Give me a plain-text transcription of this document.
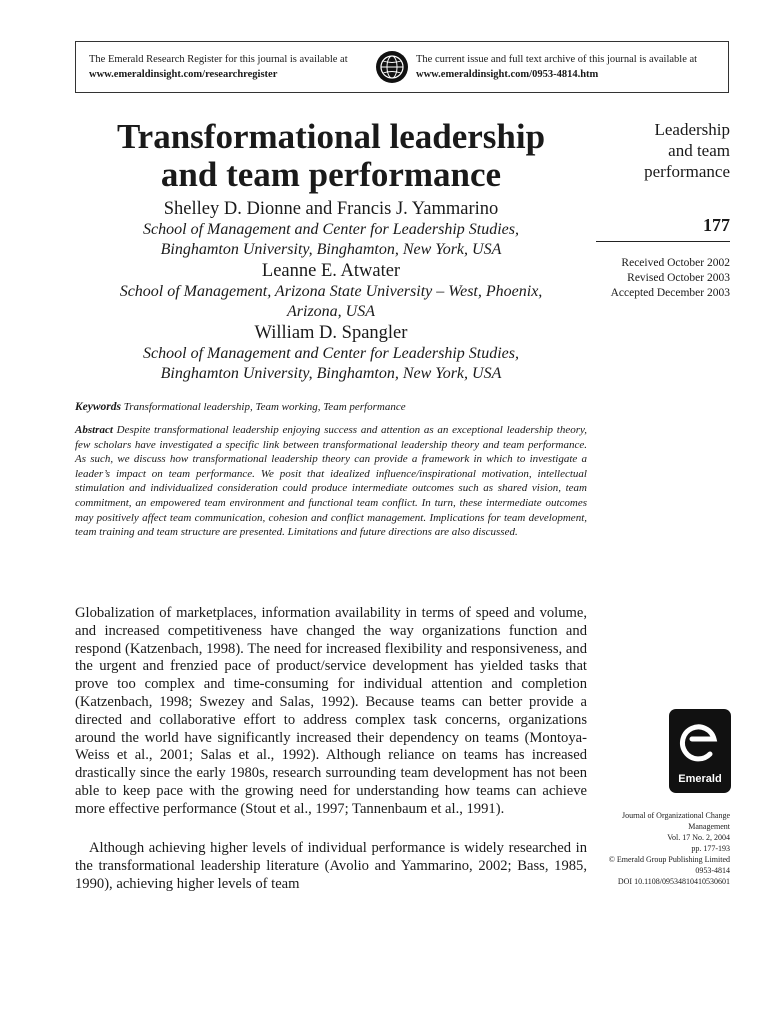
The Emerald Research Register for this journal is available at
www.emeraldinsight.com/researchregister
The current issue and full text archive of this journal is available at
www.emeraldinsight.com/0953-4814.htm
Transformational leadership
and team performance
Shelley D. Dionne and Francis J. Yammarino
School of Management and Center for Leadership Studies,
Binghamton University, Binghamton, New York, USA
Leanne E. Atwater
School of Management, Arizona State University – West, Phoenix,
Arizona, USA
William D. Spangler
School of Management and Center for Leadership Studies,
Binghamton University, Binghamton, New York, USA
Leadership
and team
performance
177
Received October 2002
Revised October 2003
Accepted December 2003
Keywords Transformational leadership, Team working, Team performance
Abstract Despite transformational leadership enjoying success and attention as an exceptional leadership theory, few scholars have investigated a specific link between transformational leadership theory and team performance. As such, we discuss how transformational leadership theory can provide a framework in which to investigate a leader’s impact on team performance. We posit that idealized influence/inspirational motivation, intellectual stimulation and individualized consideration could produce intermediate outcomes such as shared vision, team commitment, an empowered team environment and functional team conflict. In turn, these intermediate outcomes may positively affect team communication, cohesion and conflict management. Implications for team development, team training and team structure are presented. Limitations and future directions are also discussed.

Globalization of marketplaces, information availability in terms of speed and volume, and increased competitiveness have changed the way organizations function and respond (Katzenbach, 1998). The need for increased flexibility and responsiveness, and the urgent and frenzied pace of product/service development has yielded tasks that prove too complex and time-consuming for individual attention and completion (Katzenbach, 1998; Swezey and Salas, 1992). Because teams can better provide a directed and collaborative effort to address complex task concerns, organizations around the world have significantly increased their dependency on teams (Montoya-Weiss et al., 2001; Salas et al., 1992). Although reliance on teams has increased drastically since the early 1980s, research surrounding team development has not been able to keep pace with the growing need for understanding how teams can achieve more effective performance (Stout et al., 1997; Tannenbaum et al., 1991).

Although achieving higher levels of individual performance is widely researched in the transformational leadership literature (Avolio and Yammarino, 2002; Bass, 1985, 1990), achieving higher levels of team

Emerald
Journal of Organizational Change
Management
Vol. 17 No. 2, 2004
pp. 177-193
© Emerald Group Publishing Limited
0953-4814
DOI 10.1108/09534810410530601
